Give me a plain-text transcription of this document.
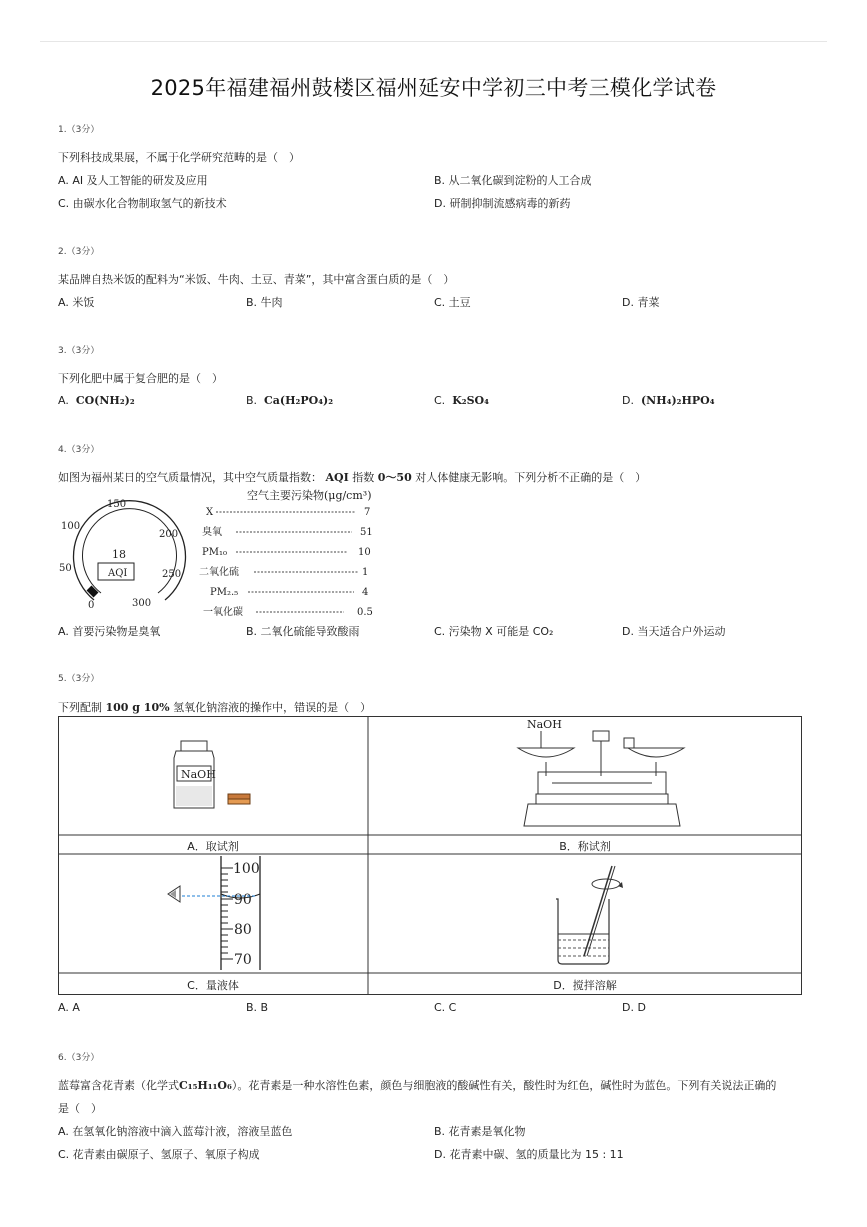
2025年福建福州鼓楼区福州延安中学初三中考三模化学试卷
1.（3分）
下列科技成果展，不属于化学研究范畴的是（　）
A. AI 及人工智能的研发及应用	B. 从二氧化碳到淀粉的人工合成
C. 由碳水化合物制取氢气的新技术	D. 研制抑制流感病毒的新药
2.（3分）
某品牌自热米饭的配料为“米饭、牛肉、土豆、青菜”，其中富含蛋白质的是（　）
A. 米饭	B. 牛肉	C. 土豆	D. 青菜
3.（3分）
下列化肥中属于复合肥的是（　）
A. CO(NH₂)₂	B. Ca(H₂PO₄)₂	C. K₂SO₄	D. (NH₄)₂HPO₄
4.（3分）
如图为福州某日的空气质量情况，其中空气质量指数： AQI 指数 0～50 对人体健康无影响。下列分析不正确的是（　）
0
50
100
150
200
250
300
18
AQI
空气主要污染物(μg/cm³)
X	7
臭氧	51
PM₁₀	10
二氧化硫	1
PM₂.₅	4
一氧化碳	0.5
A. 首要污染物是臭氧	B. 二氧化硫能导致酸雨	C. 污染物 X 可能是 CO₂	D. 当天适合户外运动
5.（3分）
下列配制 100 g 10% 氢氧化钠溶液的操作中，错误的是（　）
NaOH
NaOH
100
90
80
70
A．取试剂	B．称试剂
C．量液体	D．搅拌溶解
A. A	B. B	C. C	D. D
6.（3分）
蓝莓富含花青素（化学式C₁₅H₁₁O₆）。花青素是一种水溶性色素，颜色与细胞液的酸碱性有关，酸性时为红色，碱性时为蓝色。下列有关说法正确的
是（　）
A. 在氢氧化钠溶液中滴入蓝莓汁液，溶液呈蓝色	B. 花青素是氧化物
C. 花青素由碳原子、氢原子、氧原子构成	D. 花青素中碳、氢的质量比为 15 : 11
